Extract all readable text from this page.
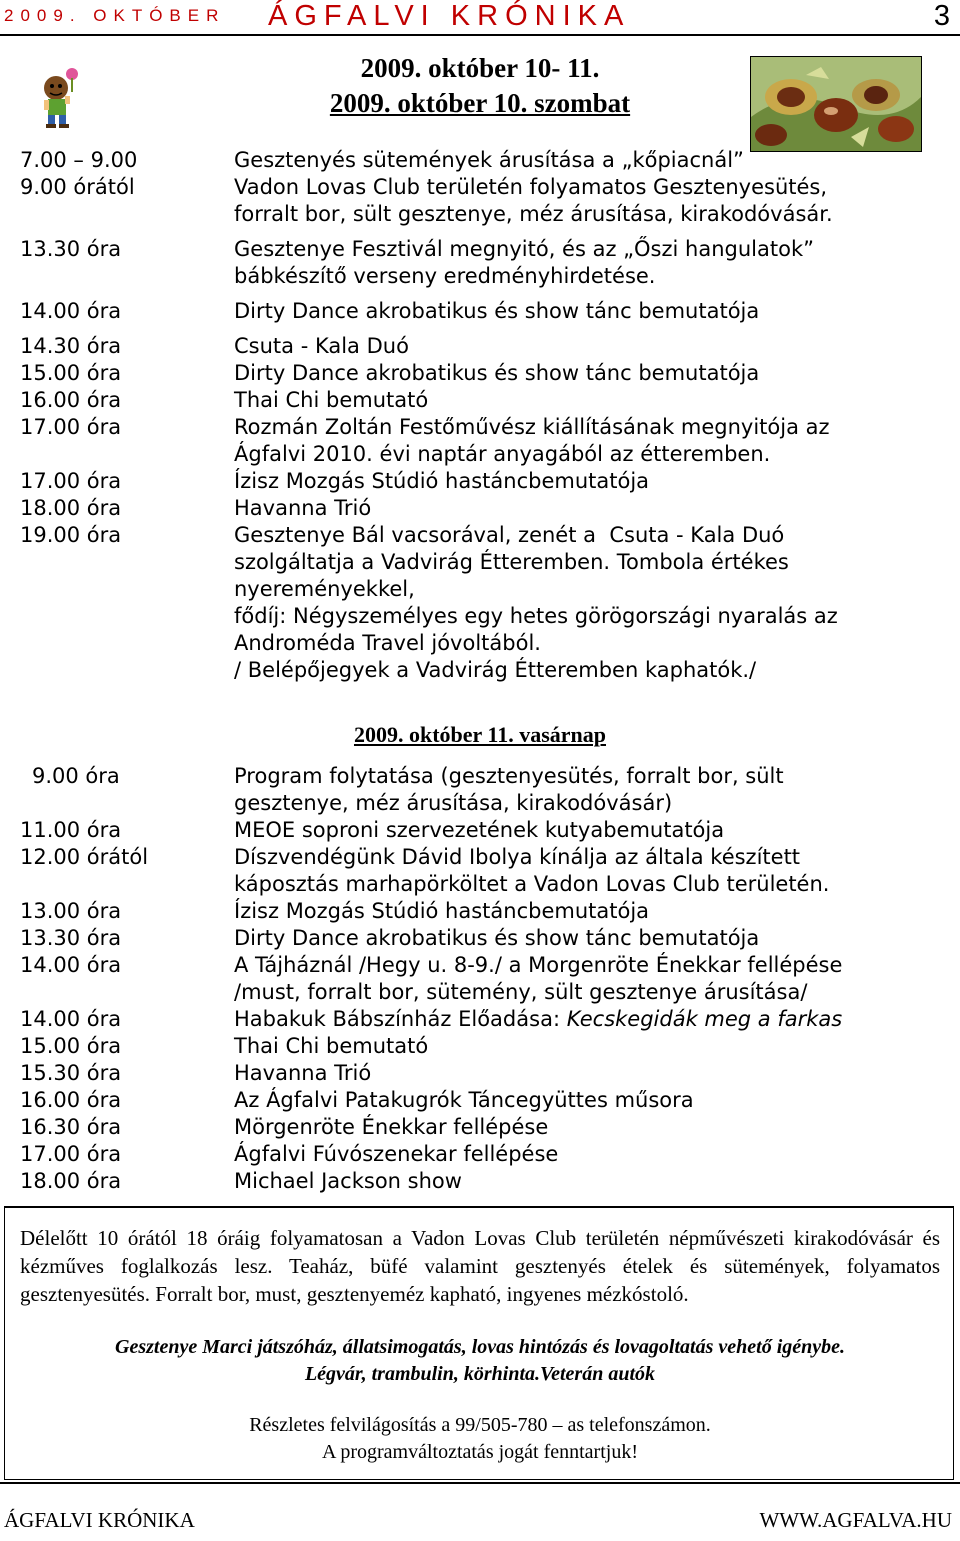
2009. OKTÓBER ÁGFALVI KRÓNIKA	3
2009. október 10- 11.
2009. október 10. szombat
7.00 – 9.00	Gesztenyés sütemények árusítása a „kőpiacnál”
9.00 órától	Vadon Lovas Club területén folyamatos Gesztenyesütés,
forralt bor, sült gesztenye, méz árusítása, kirakodóvásár.
13.30 óra	Gesztenye Fesztivál megnyitó, és az „Őszi hangulatok”
bábkészítő verseny eredményhirdetése.
14.00 óra	Dirty Dance akrobatikus és show tánc bemutatója
14.30 óra	Csuta - Kala Duó
15.00 óra	Dirty Dance akrobatikus és show tánc bemutatója
16.00 óra	Thai Chi bemutató
17.00 óra	Rozmán Zoltán Festőművész kiállításának megnyitója az
Ágfalvi 2010. évi naptár anyagából az étteremben.
17.00 óra	Ízisz Mozgás Stúdió hastáncbemutatója
18.00 óra	Havanna Trió
19.00 óra	Gesztenye Bál vacsorával, zenét a  Csuta - Kala Duó
szolgáltatja a Vadvirág Étteremben. Tombola értékes
nyereményekkel,
fődíj: Négyszemélyes egy hetes görögországi nyaralás az
Androméda Travel jóvoltából.
/ Belépőjegyek a Vadvirág Étteremben kaphatók./
2009. október 11. vasárnap
9.00 óra	Program folytatása (gesztenyesütés, forralt bor, sült
gesztenye, méz árusítása, kirakodóvásár)
11.00 óra	MEOE soproni szervezetének kutyabemutatója
12.00 órától	Díszvendégünk Dávid Ibolya kínálja az általa készített
káposztás marhapörköltet a Vadon Lovas Club területén.
13.00 óra	Ízisz Mozgás Stúdió hastáncbemutatója
13.30 óra	Dirty Dance akrobatikus és show tánc bemutatója
14.00 óra	A Tájháznál /Hegy u. 8-9./ a Morgenröte Énekkar fellépése
/must, forralt bor, sütemény, sült gesztenye árusítása/
14.00 óra	Habakuk Bábszínház Előadása: Kecskegidák meg a farkas
15.00 óra	Thai Chi bemutató
15.30 óra	Havanna Trió
16.00 óra	Az Ágfalvi Patakugrók Táncegyüttes műsora
16.30 óra	Mörgenröte Énekkar fellépése
17.00 óra	Ágfalvi Fúvószenekar fellépése
18.00 óra	Michael Jackson show
Délelőtt 10 órától 18 óráig folyamatosan a Vadon Lovas Club területén népművészeti kirakodóvásár és kézműves foglalkozás lesz. Teaház, büfé valamint gesztenyés ételek és sütemények, folyamatos gesztenyesütés. Forralt bor, must, gesztenyeméz kapható, ingyenes mézkóstoló.
Gesztenye Marci játszóház, állatsimogatás, lovas hintózás és lovagoltatás vehető igénybe.
Légvár, trambulin, körhinta.Veterán autók
Részletes felvilágosítás a 99/505-780 – as telefonszámon.
A programváltoztatás jogát fenntartjuk!
ÁGFALVI KRÓNIKA	WWW.AGFALVA.HU
